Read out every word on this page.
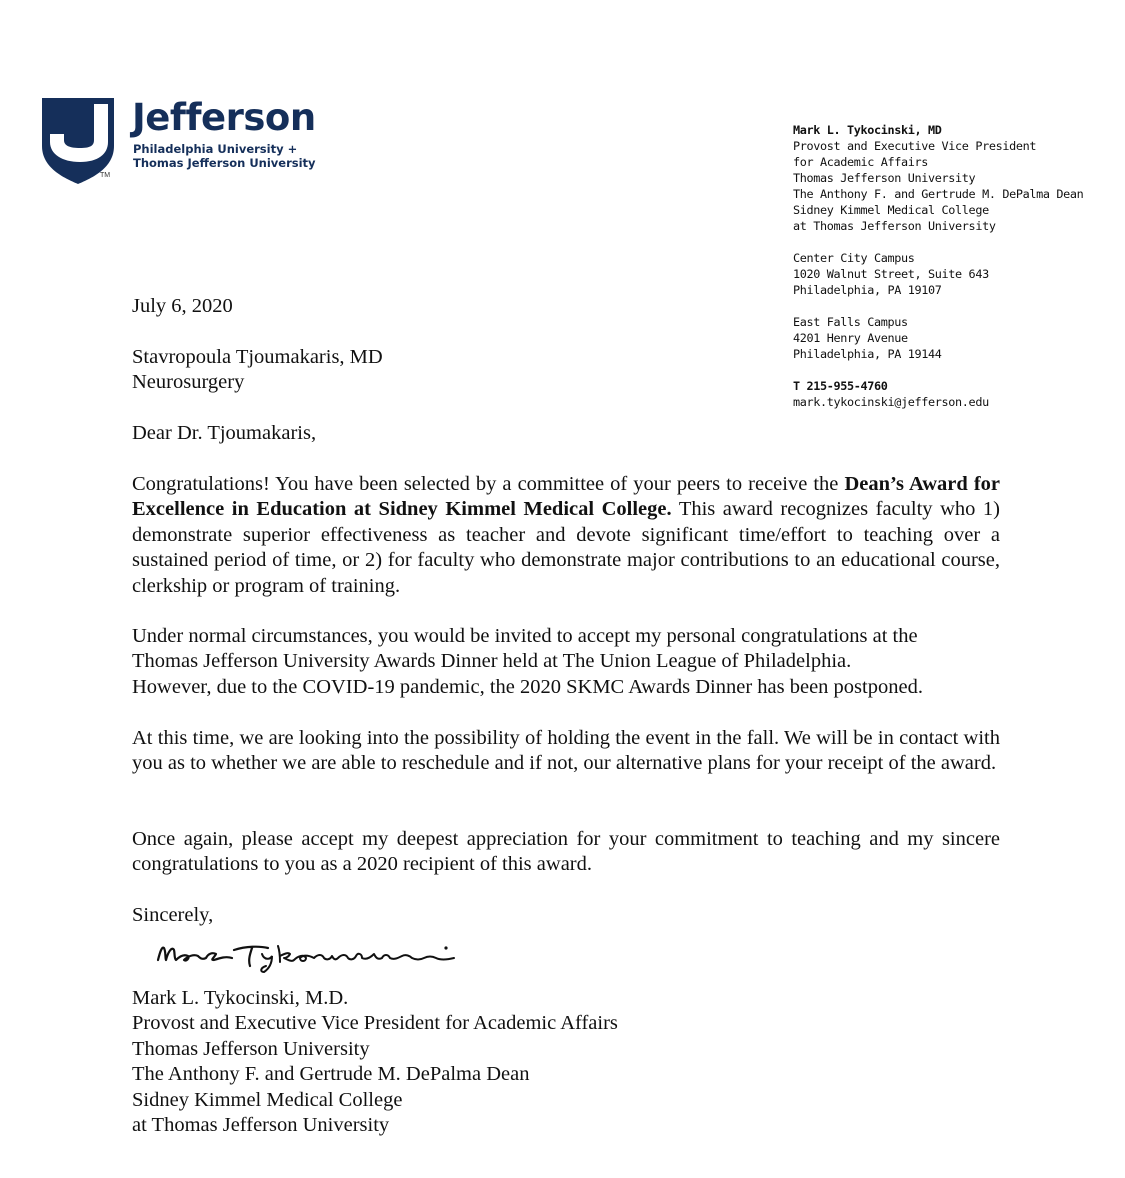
TM
Jefferson
Philadelphia University +
Thomas Jefferson University
Mark L. Tykocinski, MD
Provost and Executive Vice President
for Academic Affairs
Thomas Jefferson University
The Anthony F. and Gertrude M. DePalma Dean
Sidney Kimmel Medical College
at Thomas Jefferson University
Center City Campus
1020 Walnut Street, Suite 643
Philadelphia, PA 19107
East Falls Campus
4201 Henry Avenue
Philadelphia, PA 19144
T 215-955-4760
mark.tykocinski@jefferson.edu
July 6, 2020
Stavropoula Tjoumakaris, MD
Neurosurgery
Dear Dr. Tjoumakaris,
Congratulations! You have been selected by a committee of your peers to receive the Dean’s Award for Excellence in Education at Sidney Kimmel Medical College. This award recognizes faculty who 1) demonstrate superior effectiveness as teacher and devote significant time/effort to teaching over a sustained period of time, or 2) for faculty who demonstrate major contributions to an educational course, clerkship or program of training.
Under normal circumstances, you would be invited to accept my personal congratulations at the
Thomas Jefferson University Awards Dinner held at The Union League of Philadelphia.
However, due to the COVID-19 pandemic, the 2020 SKMC Awards Dinner has been postponed.
At this time, we are looking into the possibility of holding the event in the fall. We will be in contact with you as to whether we are able to reschedule and if not, our alternative plans for your receipt of the award.
Once again, please accept my deepest appreciation for your commitment to teaching and my sincere congratulations to you as a 2020 recipient of this award.
Sincerely,
Mark L. Tykocinski, M.D.
Provost and Executive Vice President for Academic Affairs
Thomas Jefferson University
The Anthony F. and Gertrude M. DePalma Dean
Sidney Kimmel Medical College
at Thomas Jefferson University
